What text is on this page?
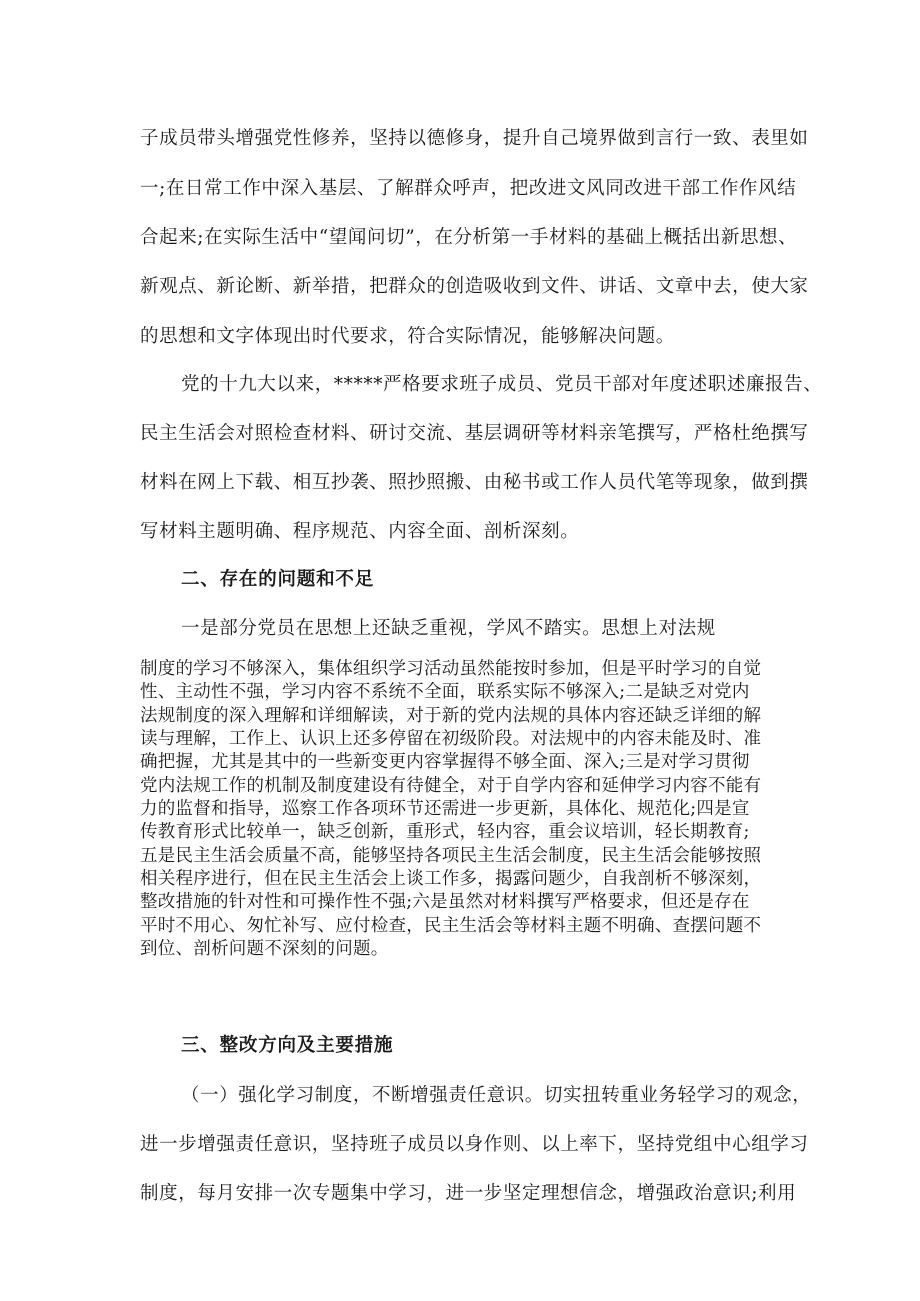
子成员带头增强党性修养，坚持以德修身，提升自己境界做到言行一致、表里如
一;在日常工作中深入基层、了解群众呼声，把改进文风同改进干部工作作风结
合起来;在实际生活中“望闻问切”，在分析第一手材料的基础上概括出新思想、
新观点、新论断、新举措，把群众的创造吸收到文件、讲话、文章中去，使大家
的思想和文字体现出时代要求，符合实际情况，能够解决问题。
党的十九大以来，*****严格要求班子成员、党员干部对年度述职述廉报告、
民主生活会对照检查材料、研讨交流、基层调研等材料亲笔撰写，严格杜绝撰写
材料在网上下载、相互抄袭、照抄照搬、由秘书或工作人员代笔等现象，做到撰
写材料主题明确、程序规范、内容全面、剖析深刻。
二、存在的问题和不足
一是部分党员在思想上还缺乏重视，学风不踏实。思想上对法规
制度的学习不够深入，集体组织学习活动虽然能按时参加，但是平时学习的自觉
性、主动性不强，学习内容不系统不全面，联系实际不够深入;二是缺乏对党内
法规制度的深入理解和详细解读，对于新的党内法规的具体内容还缺乏详细的解
读与理解，工作上、认识上还多停留在初级阶段。对法规中的内容未能及时、准
确把握，尤其是其中的一些新变更内容掌握得不够全面、深入;三是对学习贯彻
党内法规工作的机制及制度建设有待健全，对于自学内容和延伸学习内容不能有
力的监督和指导，巡察工作各项环节还需进一步更新，具体化、规范化;四是宣
传教育形式比较单一，缺乏创新，重形式，轻内容，重会议培训，轻长期教育;
五是民主生活会质量不高，能够坚持各项民主生活会制度，民主生活会能够按照
相关程序进行，但在民主生活会上谈工作多，揭露问题少，自我剖析不够深刻，
整改措施的针对性和可操作性不强;六是虽然对材料撰写严格要求，但还是存在
平时不用心、匆忙补写、应付检查，民主生活会等材料主题不明确、查摆问题不
到位、剖析问题不深刻的问题。
三、整改方向及主要措施
（一）强化学习制度，不断增强责任意识。切实扭转重业务轻学习的观念，
进一步增强责任意识，坚持班子成员以身作则、以上率下，坚持党组中心组学习
制度，每月安排一次专题集中学习，进一步坚定理想信念，增强政治意识;利用
